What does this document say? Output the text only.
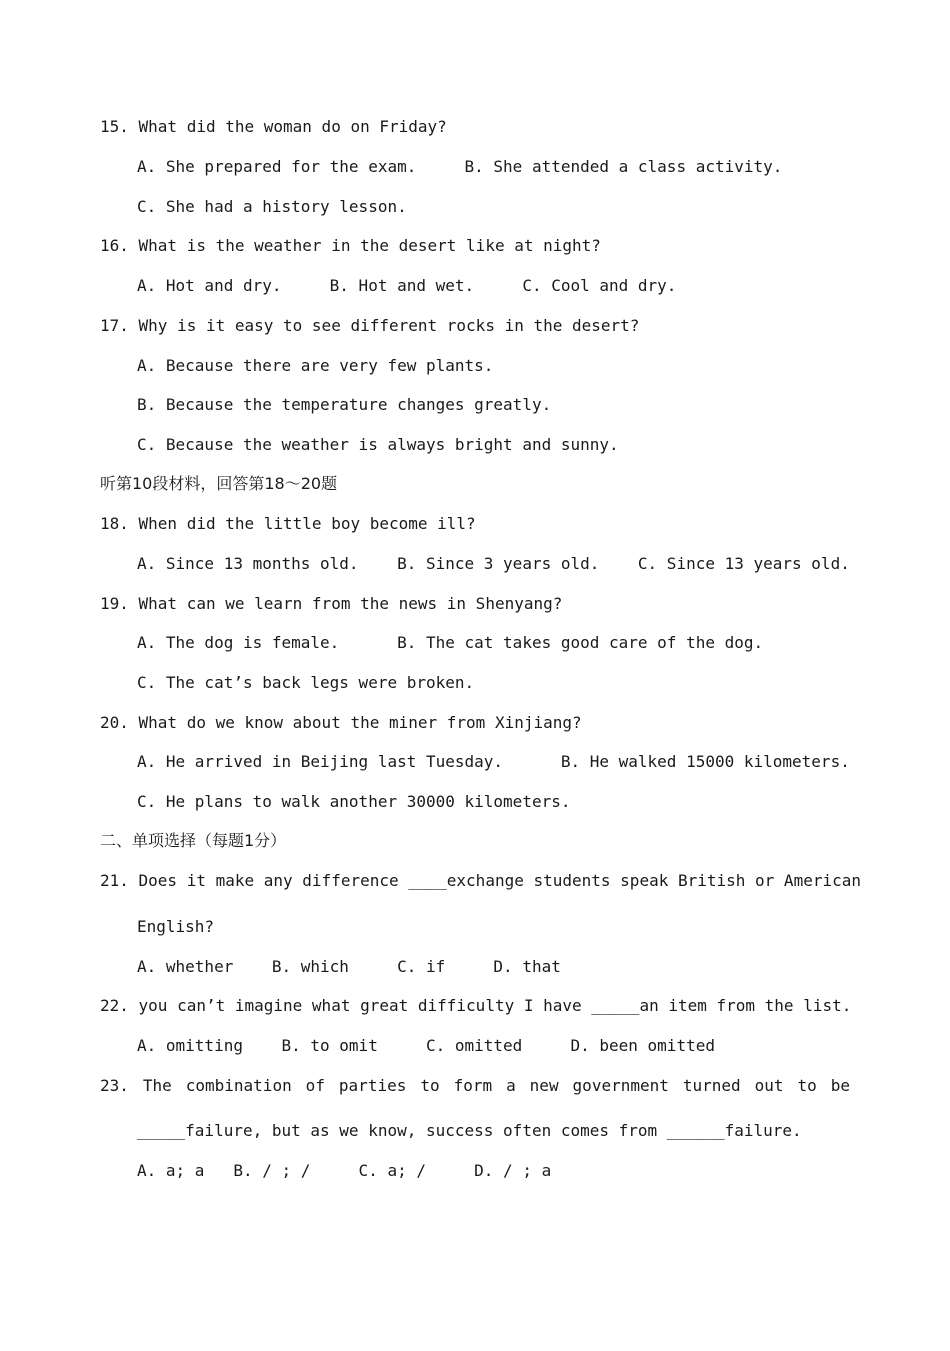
15. What did the woman do on Friday?
A. She prepared for the exam.     B. She attended a class activity.
C. She had a history lesson.
16. What is the weather in the desert like at night?
A. Hot and dry.     B. Hot and wet.     C. Cool and dry.
17. Why is it easy to see different rocks in the desert?
A. Because there are very few plants.
B. Because the temperature changes greatly.
C. Because the weather is always bright and sunny.
听第10段材料，回答第18～20题
18. When did the little boy become ill?
A. Since 13 months old.    B. Since 3 years old.    C. Since 13 years old.
19. What can we learn from the news in Shenyang?
A. The dog is female.      B. The cat takes good care of the dog.
C. The cat’s back legs were broken.
20. What do we know about the miner from Xinjiang?
A. He arrived in Beijing last Tuesday.      B. He walked 15000 kilometers.
C. He plans to walk another 30000 kilometers.
二、单项选择（每题1分）
21. Does it make any difference ____exchange students speak British or American
English?
A. whether    B. which     C. if     D. that
22. you can’t imagine what great difficulty I have _____an item from the list.
A. omitting    B. to omit     C. omitted     D. been omitted
23. The combination of parties to form a new government turned out to be
_____failure, but as we know, success often comes from ______failure.
A. a; a   B. / ; /     C. a; /     D. / ; a
